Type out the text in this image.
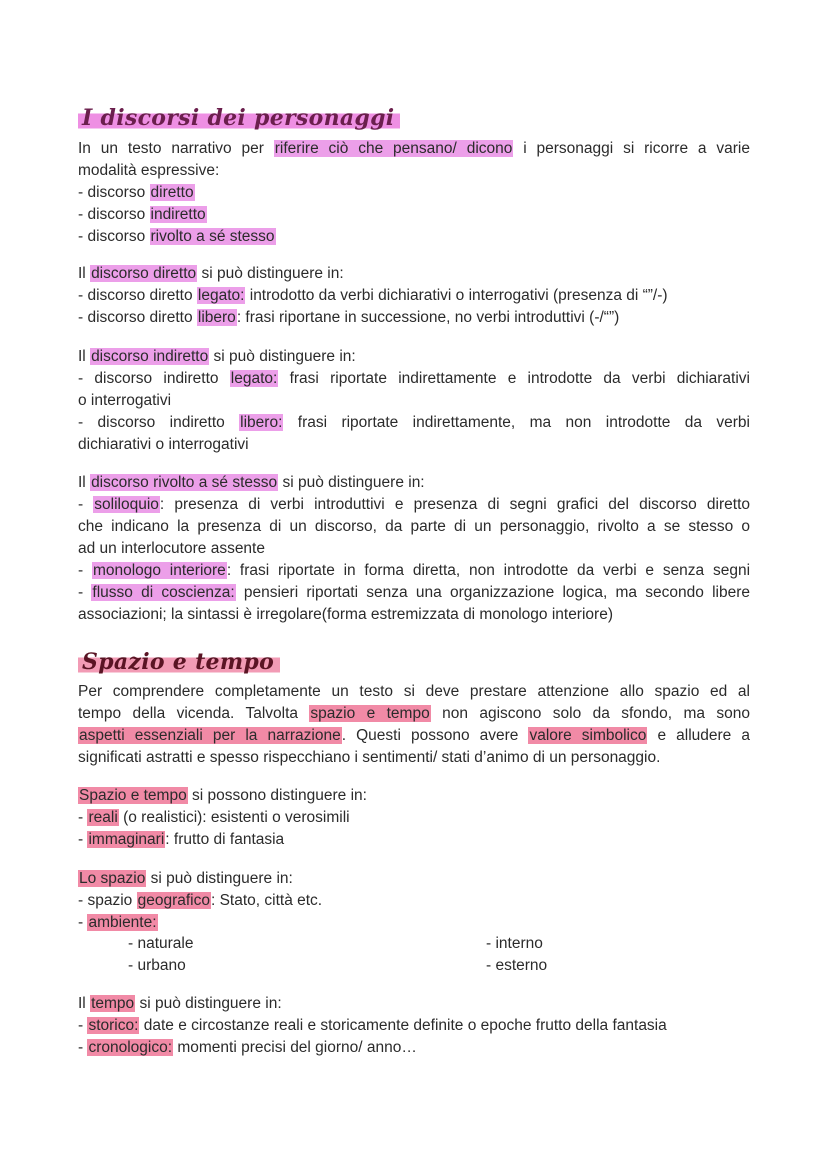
I discorsi dei personaggi
In un testo narrativo per riferire ciò che pensano/ dicono i personaggi si ricorre a varie
modalità espressive:
- discorso diretto
- discorso indiretto
- discorso rivolto a sé stesso
Il discorso diretto si può distinguere in:
- discorso diretto legato: introdotto da verbi dichiarativi o interrogativi (presenza di “”/-)
- discorso diretto libero: frasi riportane in successione, no verbi introduttivi (-/“”)
Il discorso indiretto si può distinguere in:
- discorso indiretto legato: frasi riportate indirettamente e introdotte da verbi dichiarativi
o interrogativi
- discorso indiretto libero: frasi riportate indirettamente, ma non introdotte da verbi
dichiarativi o interrogativi
Il discorso rivolto a sé stesso si può distinguere in:
- soliloquio: presenza di verbi introduttivi e presenza di segni grafici del discorso diretto
che indicano la presenza di un discorso, da parte di un personaggio, rivolto a se stesso o
ad un interlocutore assente
- monologo interiore: frasi riportate in forma diretta, non introdotte da verbi e senza segni
- flusso di coscienza: pensieri riportati senza una organizzazione logica, ma secondo libere
associazioni; la sintassi è irregolare(forma estremizzata di monologo interiore)
Spazio e tempo
Per comprendere completamente un testo si deve prestare attenzione allo spazio ed al
tempo della vicenda. Talvolta spazio e tempo non agiscono solo da sfondo, ma sono
aspetti essenziali per la narrazione. Questi possono avere valore simbolico e alludere a
significati astratti e spesso rispecchiano i sentimenti/ stati d’animo di un personaggio.
Spazio e tempo si possono distinguere in:
- reali (o realistici): esistenti o verosimili
- immaginari: frutto di fantasia
Lo spazio si può distinguere in:
- spazio geografico: Stato, città etc.
- ambiente:
- naturale
- urbano
- interno
- esterno
Il tempo si può distinguere in:
- storico: date e circostanze reali e storicamente definite o epoche frutto della fantasia
- cronologico: momenti precisi del giorno/ anno…
